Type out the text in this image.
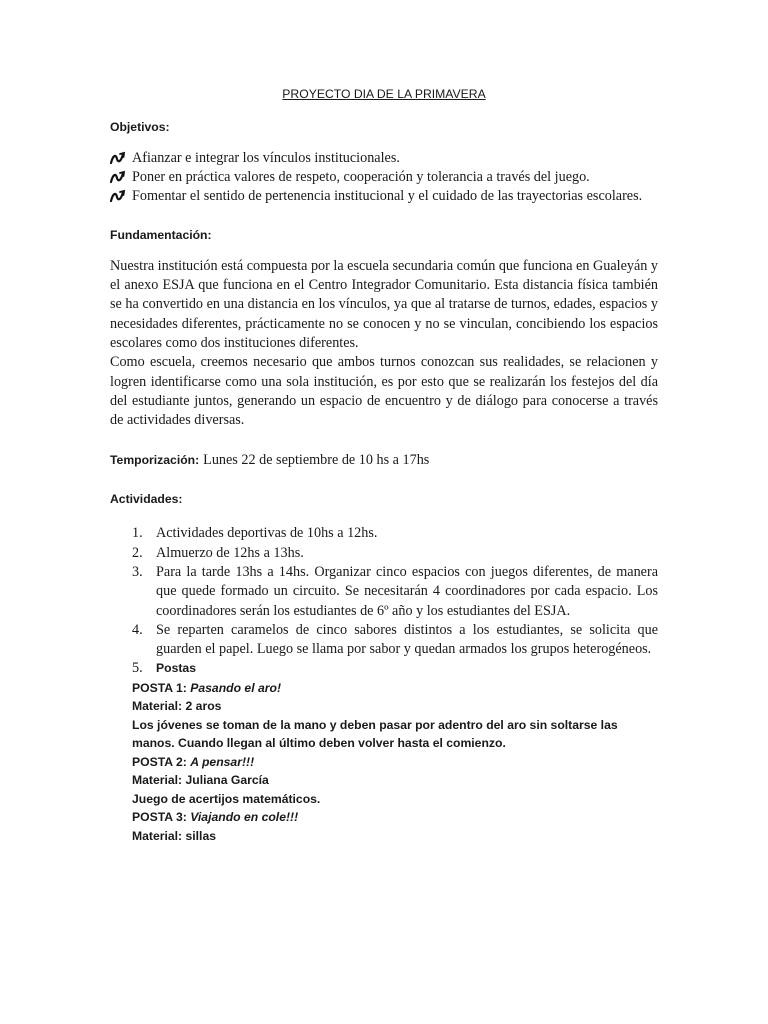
PROYECTO DIA DE LA PRIMAVERA
Objetivos:
Afianzar e integrar los vínculos institucionales.
Poner en práctica valores de respeto, cooperación y tolerancia a través del juego.
Fomentar el sentido de pertenencia institucional y el cuidado de las trayectorias escolares.
Fundamentación:

Nuestra institución está compuesta por la escuela secundaria común que funciona en Gualeyán y el anexo ESJA que funciona en el Centro Integrador Comunitario. Esta distancia física también se ha convertido en una distancia en los vínculos, ya que al tratarse de turnos, edades, espacios y necesidades diferentes, prácticamente no se conocen y no se vinculan, concibiendo los espacios escolares como dos instituciones diferentes.

Como escuela, creemos necesario que ambos turnos conozcan sus realidades, se relacionen y logren identificarse como una sola institución, es por esto que se realizarán los festejos del día del estudiante juntos, generando un espacio de encuentro y de diálogo para conocerse a través de actividades diversas.

Temporización: Lunes 22 de septiembre de 10 hs a 17hs
Actividades:
1. Actividades deportivas de 10hs a 12hs.
2. Almuerzo de 12hs a 13hs.
3. Para la tarde 13hs a 14hs. Organizar cinco espacios con juegos diferentes, de manera que quede formado un circuito. Se necesitarán 4 coordinadores por cada espacio. Los coordinadores serán los estudiantes de 6º año y los estudiantes del ESJA.
4. Se reparten caramelos de cinco sabores distintos a los estudiantes, se solicita que guarden el papel. Luego se llama por sabor y quedan armados los grupos heterogéneos.
5. Postas
POSTA 1: Pasando el aro!
Material: 2 aros
Los jóvenes se toman de la mano y deben pasar por adentro del aro sin soltarse las manos. Cuando llegan al último deben volver hasta el comienzo.
POSTA 2: A pensar!!!
Material: Juliana García
Juego de acertijos matemáticos.
POSTA 3: Viajando en cole!!!
Material: sillas
